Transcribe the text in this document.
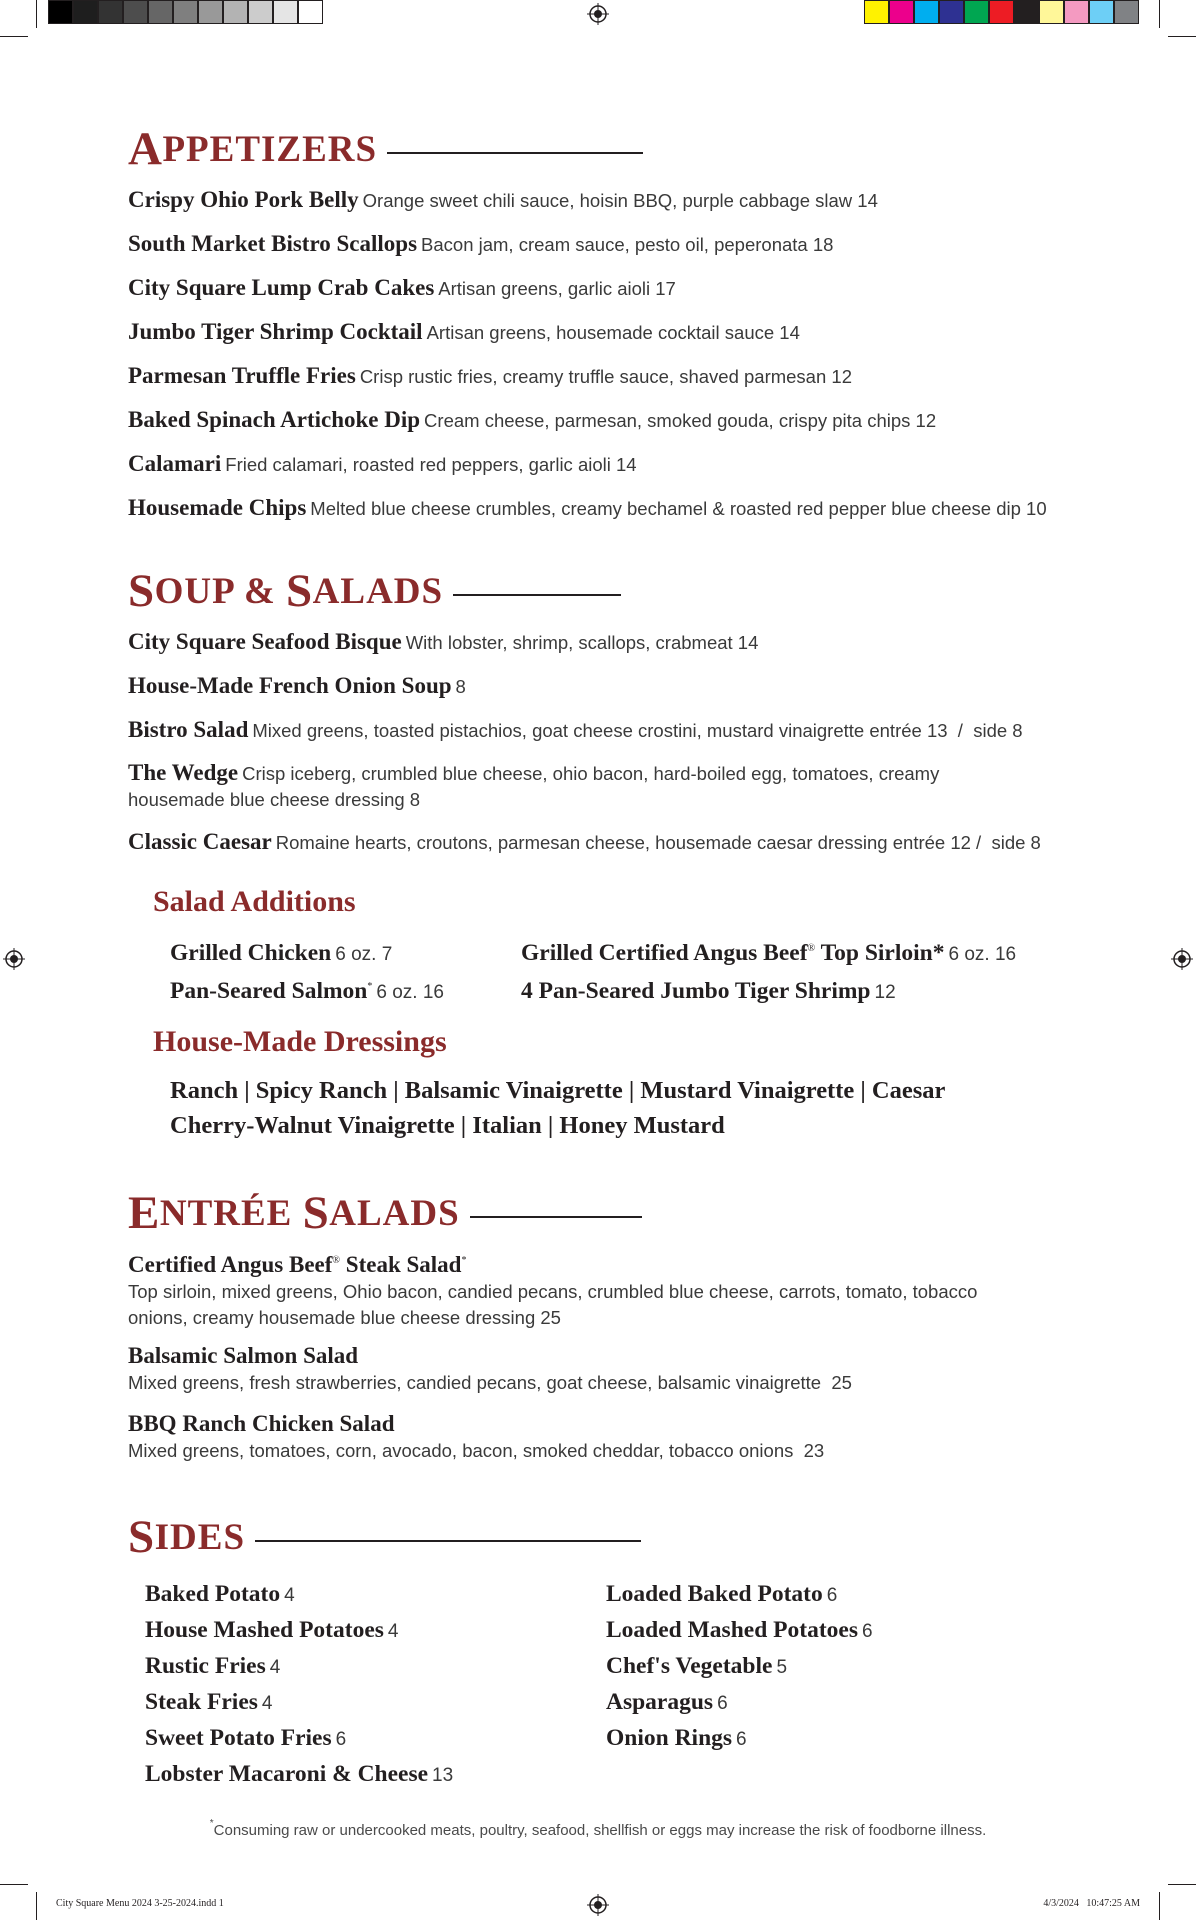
A PPETIZERS
Crispy Ohio Pork Belly Orange sweet chili sauce, hoisin BBQ, purple cabbage slaw 14
South Market Bistro Scallops Bacon jam, cream sauce, pesto oil, peperonata 18
City Square Lump Crab Cakes Artisan greens, garlic aioli 17
Jumbo Tiger Shrimp Cocktail Artisan greens, housemade cocktail sauce 14
Parmesan Truffle Fries Crisp rustic fries, creamy truffle sauce, shaved parmesan 12
Baked Spinach Artichoke Dip Cream cheese, parmesan, smoked gouda, crispy pita chips 12
Calamari Fried calamari, roasted red peppers, garlic aioli 14
Housemade Chips Melted blue cheese crumbles, creamy bechamel & roasted red pepper blue cheese dip 10
S OUP & S ALADS
City Square Seafood Bisque With lobster, shrimp, scallops, crabmeat 14
House-Made French Onion Soup 8
Bistro Salad Mixed greens, toasted pistachios, goat cheese crostini, mustard vinaigrette entrée 13  /  side 8
The Wedge Crisp iceberg, crumbled blue cheese, ohio bacon, hard-boiled egg, tomatoes, creamy housemade blue cheese dressing 8
Classic Caesar Romaine hearts, croutons, parmesan cheese, housemade caesar dressing entrée 12 /  side 8
Salad Additions
Grilled Chicken 6 oz. 7
Pan-Seared Salmon* 6 oz. 16
Grilled Certified Angus Beef® Top Sirloin* 6 oz. 16
4 Pan-Seared Jumbo Tiger Shrimp 12
House-Made Dressings
Ranch | Spicy Ranch | Balsamic Vinaigrette | Mustard Vinaigrette | Caesar
Cherry-Walnut Vinaigrette | Italian | Honey Mustard
E NTRÉE S ALADS
Certified Angus Beef® Steak Salad*
Top sirloin, mixed greens, Ohio bacon, candied pecans, crumbled blue cheese, carrots, tomato, tobacco onions, creamy housemade blue cheese dressing 25
Balsamic Salmon Salad
Mixed greens, fresh strawberries, candied pecans, goat cheese, balsamic vinaigrette  25
BBQ Ranch Chicken Salad
Mixed greens, tomatoes, corn, avocado, bacon, smoked cheddar, tobacco onions  23
S IDES
Baked Potato 4
House Mashed Potatoes 4
Rustic Fries 4
Steak Fries 4
Sweet Potato Fries 6
Lobster Macaroni & Cheese 13
Loaded Baked Potato 6
Loaded Mashed Potatoes 6
Chef's Vegetable 5
Asparagus 6
Onion Rings 6
*Consuming raw or undercooked meats, poultry, seafood, shellfish or eggs may increase the risk of foodborne illness.
City Square Menu 2024 3-25-2024.indd 1	4/3/2024   10:47:25 AM
